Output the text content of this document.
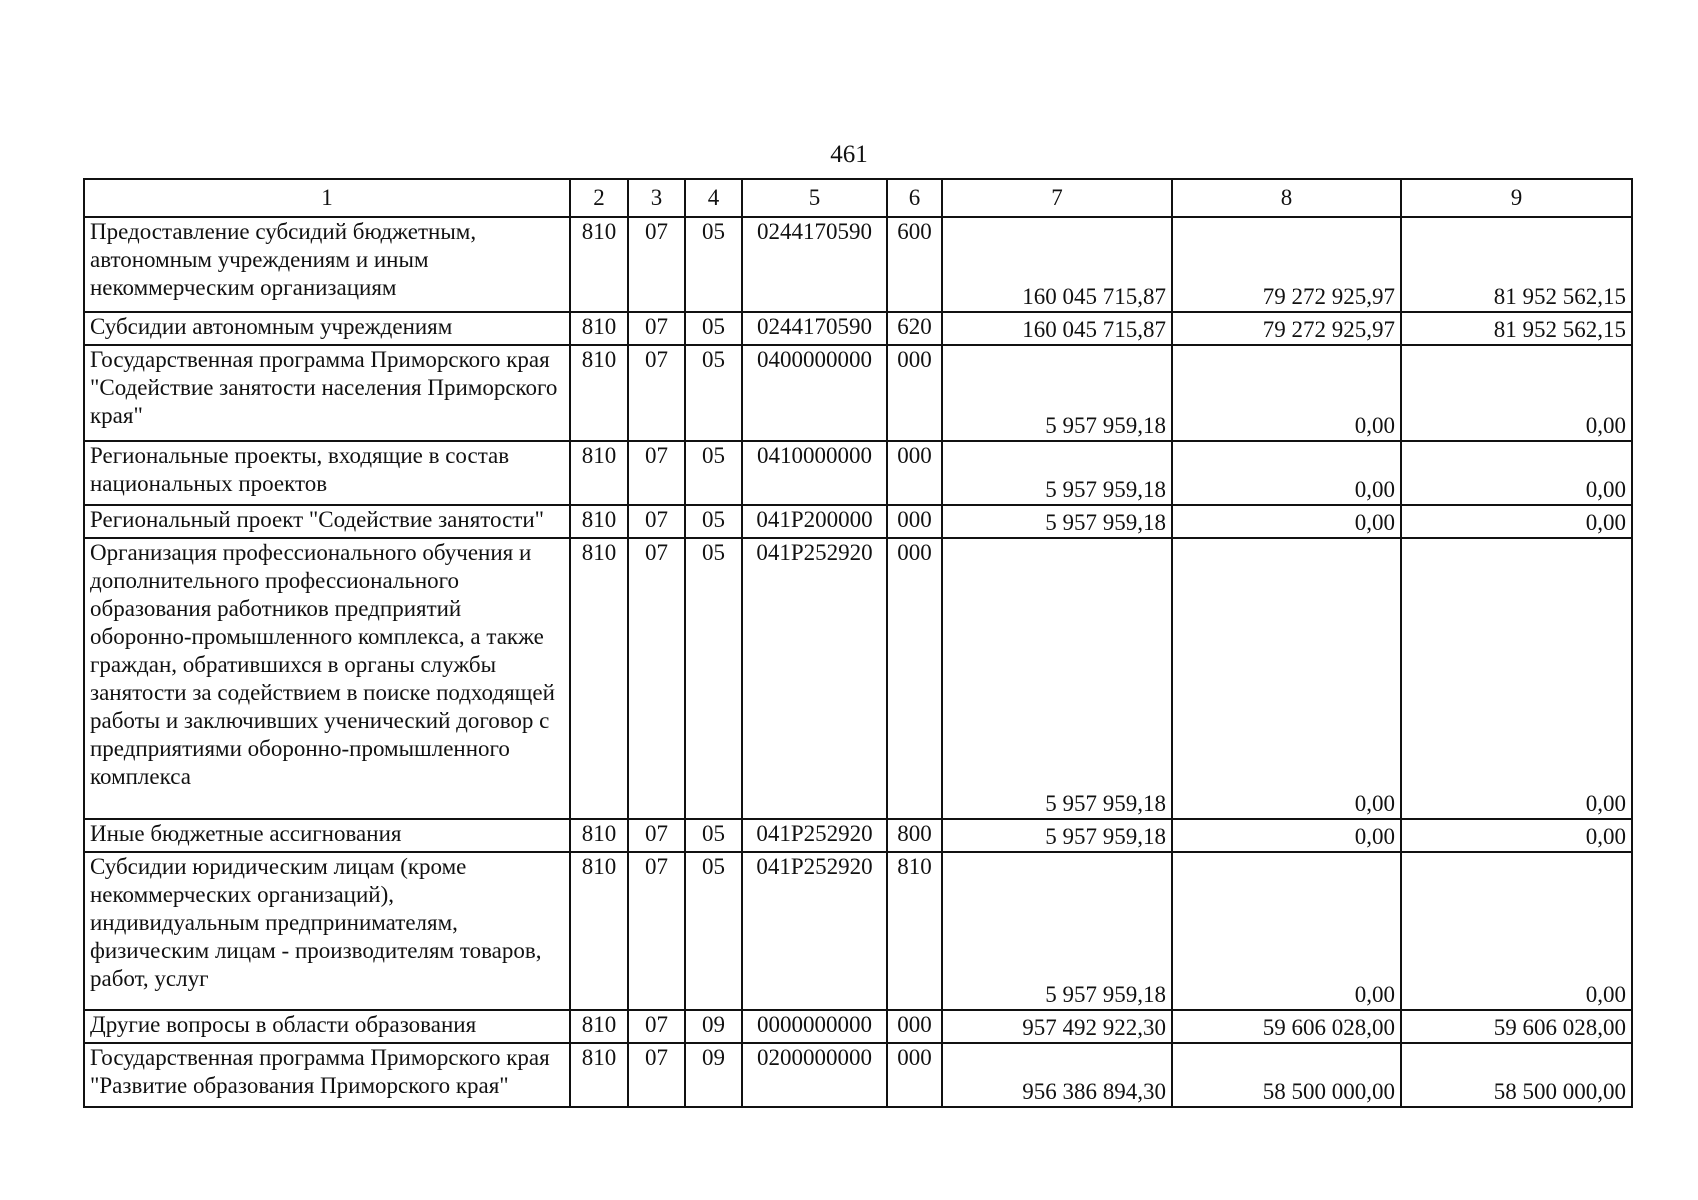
461
1	2	3	4	5	6	7	8	9
Предоставление субсидий бюджетным, автономным учреждениям и иным некоммерческим организациям	810	07	05	0244170590	600	160 045 715,87	79 272 925,97	81 952 562,15
Субсидии автономным учреждениям	810	07	05	0244170590	620	160 045 715,87	79 272 925,97	81 952 562,15
Государственная программа Приморского края "Содействие занятости населения Приморского края"	810	07	05	0400000000	000	5 957 959,18	0,00	0,00
Региональные проекты, входящие в состав национальных проектов	810	07	05	0410000000	000	5 957 959,18	0,00	0,00
Региональный проект "Содействие занятости"	810	07	05	041P200000	000	5 957 959,18	0,00	0,00
Организация профессионального обучения и дополнительного профессионального образования работников предприятий оборонно-промышленного комплекса, а также граждан, обратившихся в органы службы занятости за содействием в поиске подходящей работы и заключивших ученический договор с предприятиями оборонно-промышленного комплекса	810	07	05	041P252920	000	5 957 959,18	0,00	0,00
Иные бюджетные ассигнования	810	07	05	041P252920	800	5 957 959,18	0,00	0,00
Субсидии юридическим лицам (кроме некоммерческих организаций), индивидуальным предпринимателям, физическим лицам - производителям товаров, работ, услуг	810	07	05	041P252920	810	5 957 959,18	0,00	0,00
Другие вопросы в области образования	810	07	09	0000000000	000	957 492 922,30	59 606 028,00	59 606 028,00
Государственная программа Приморского края "Развитие образования Приморского края"	810	07	09	0200000000	000	956 386 894,30	58 500 000,00	58 500 000,00
